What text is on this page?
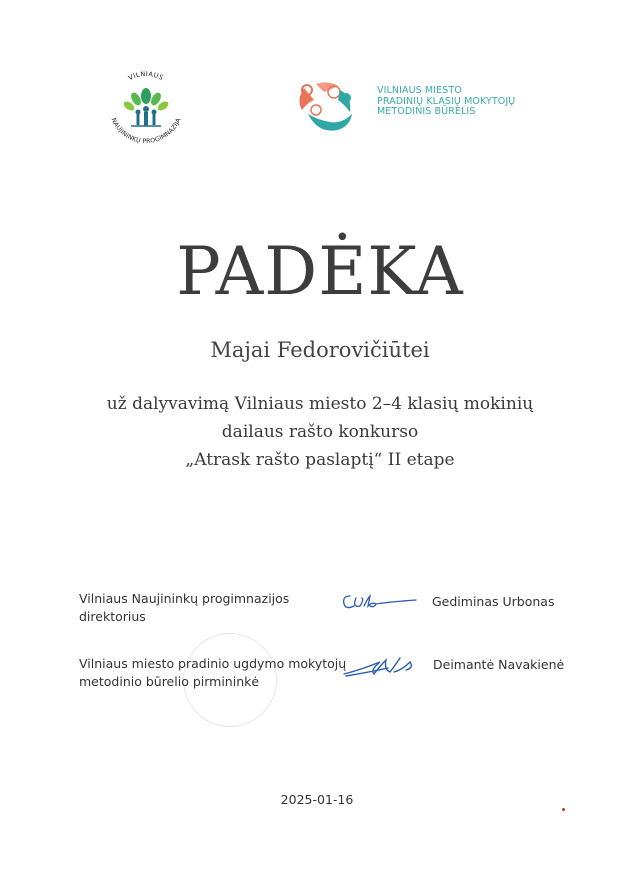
VILNIAUS
NAUJININKŲ PROGIMNAZIJA
VILNIAUS MIESTO
PRADINIŲ KLASIŲ MOKYTOJŲ
METODINIS BŪRELIS
PADĖKA
Majai Fedorovičiūtei
už dalyvavimą Vilniaus miesto 2–4 klasių mokinių
dailaus rašto konkurso
„Atrask rašto paslaptį“ II etape
Vilniaus Naujininkų progimnazijos
direktorius
Gediminas Urbonas
Vilniaus miesto pradinio ugdymo mokytojų
metodinio būrelio pirmininkė
Deimantė Navakienė
2025-01-16
